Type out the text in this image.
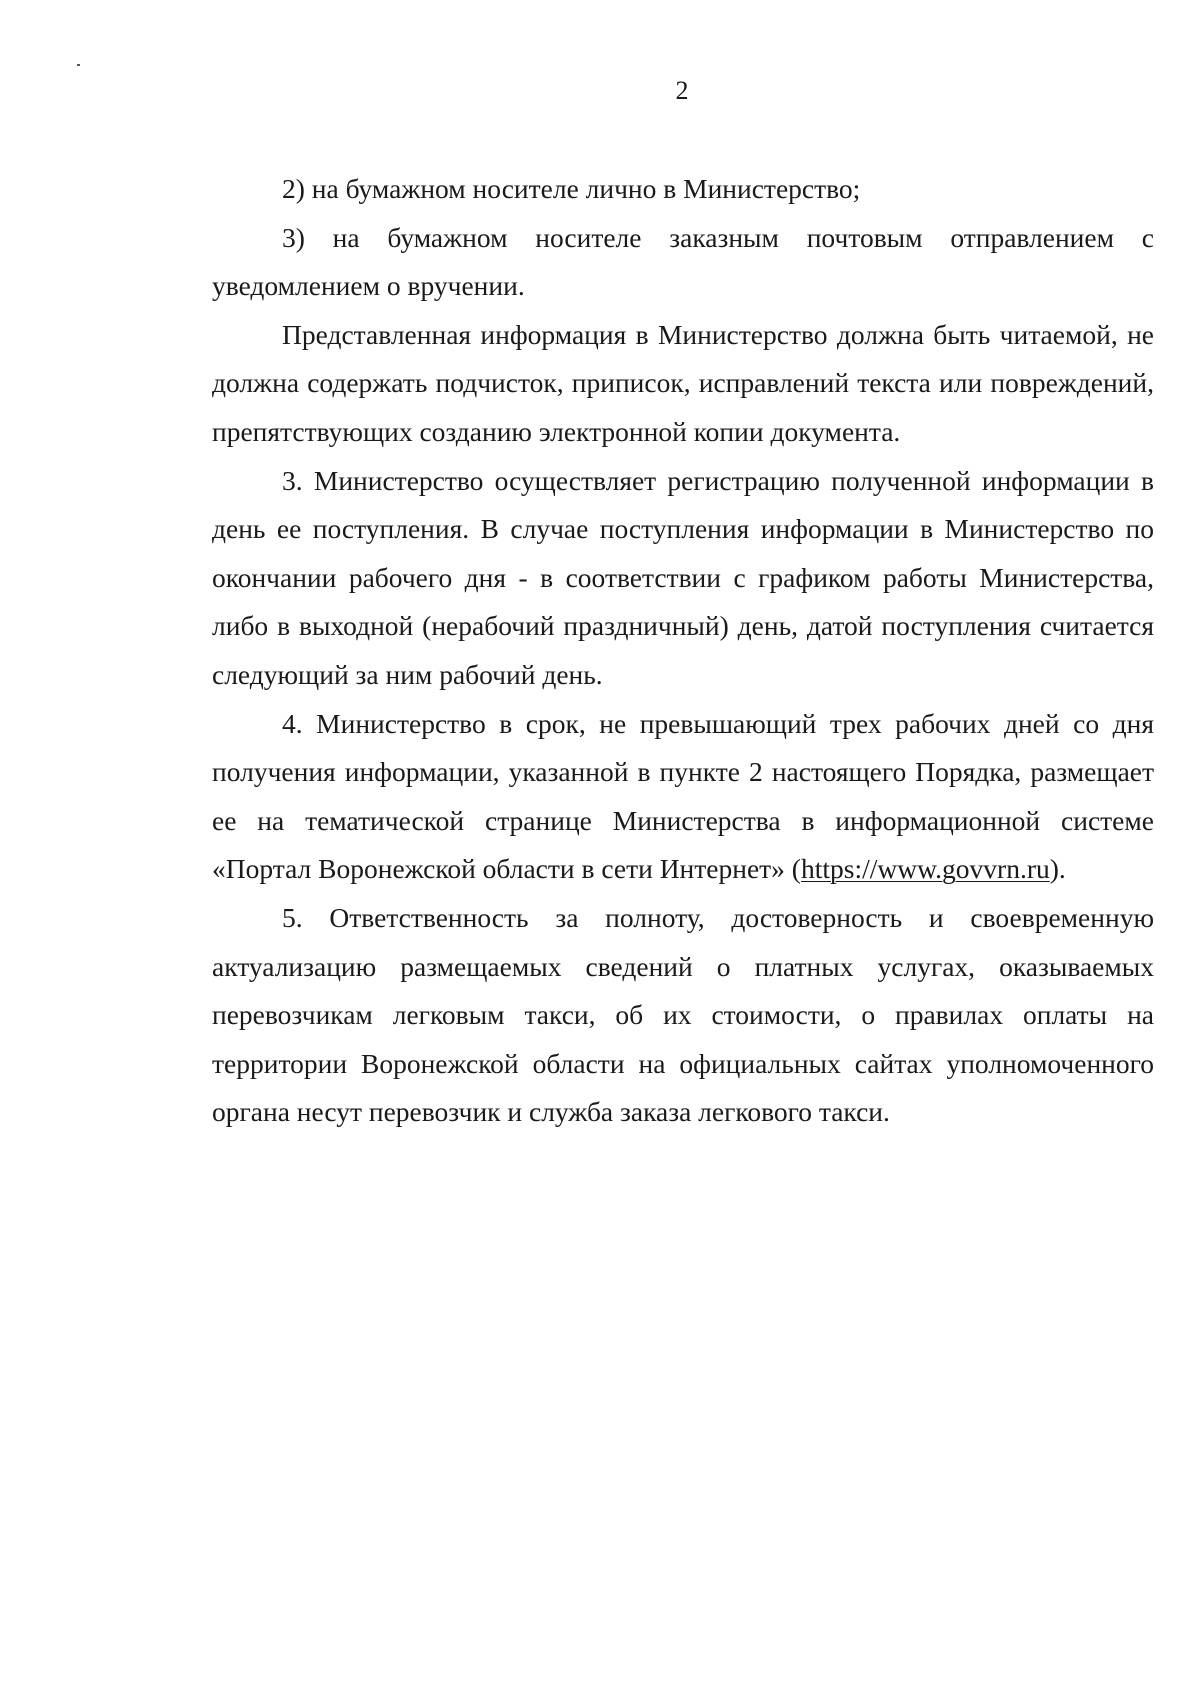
2

2) на бумажном носителе лично в Министерство;

3) на бумажном носителе заказным почтовым отправлением с уведомлением о вручении.

Представленная информация в Министерство должна быть читаемой, не должна содержать подчисток, приписок, исправлений текста или повреждений, препятствующих созданию электронной копии документа.

3. Министерство осуществляет регистрацию полученной информации в день ее поступления. В случае поступления информации в Министерство по окончании рабочего дня - в соответствии с графиком работы Министерства, либо в выходной (нерабочий праздничный) день, датой поступления считается следующий за ним рабочий день.

4. Министерство в срок, не превышающий трех рабочих дней со дня получения информации, указанной в пункте 2 настоящего Порядка, размещает ее на тематической странице Министерства в информационной системе «Портал Воронежской области в сети Интернет» (https://www.govvrn.ru).

5. Ответственность за полноту, достоверность и своевременную актуализацию размещаемых сведений о платных услугах, оказываемых перевозчикам легковым такси, об их стоимости, о правилах оплаты на территории Воронежской области на официальных сайтах уполномоченного органа несут перевозчик и служба заказа легкового такси.
